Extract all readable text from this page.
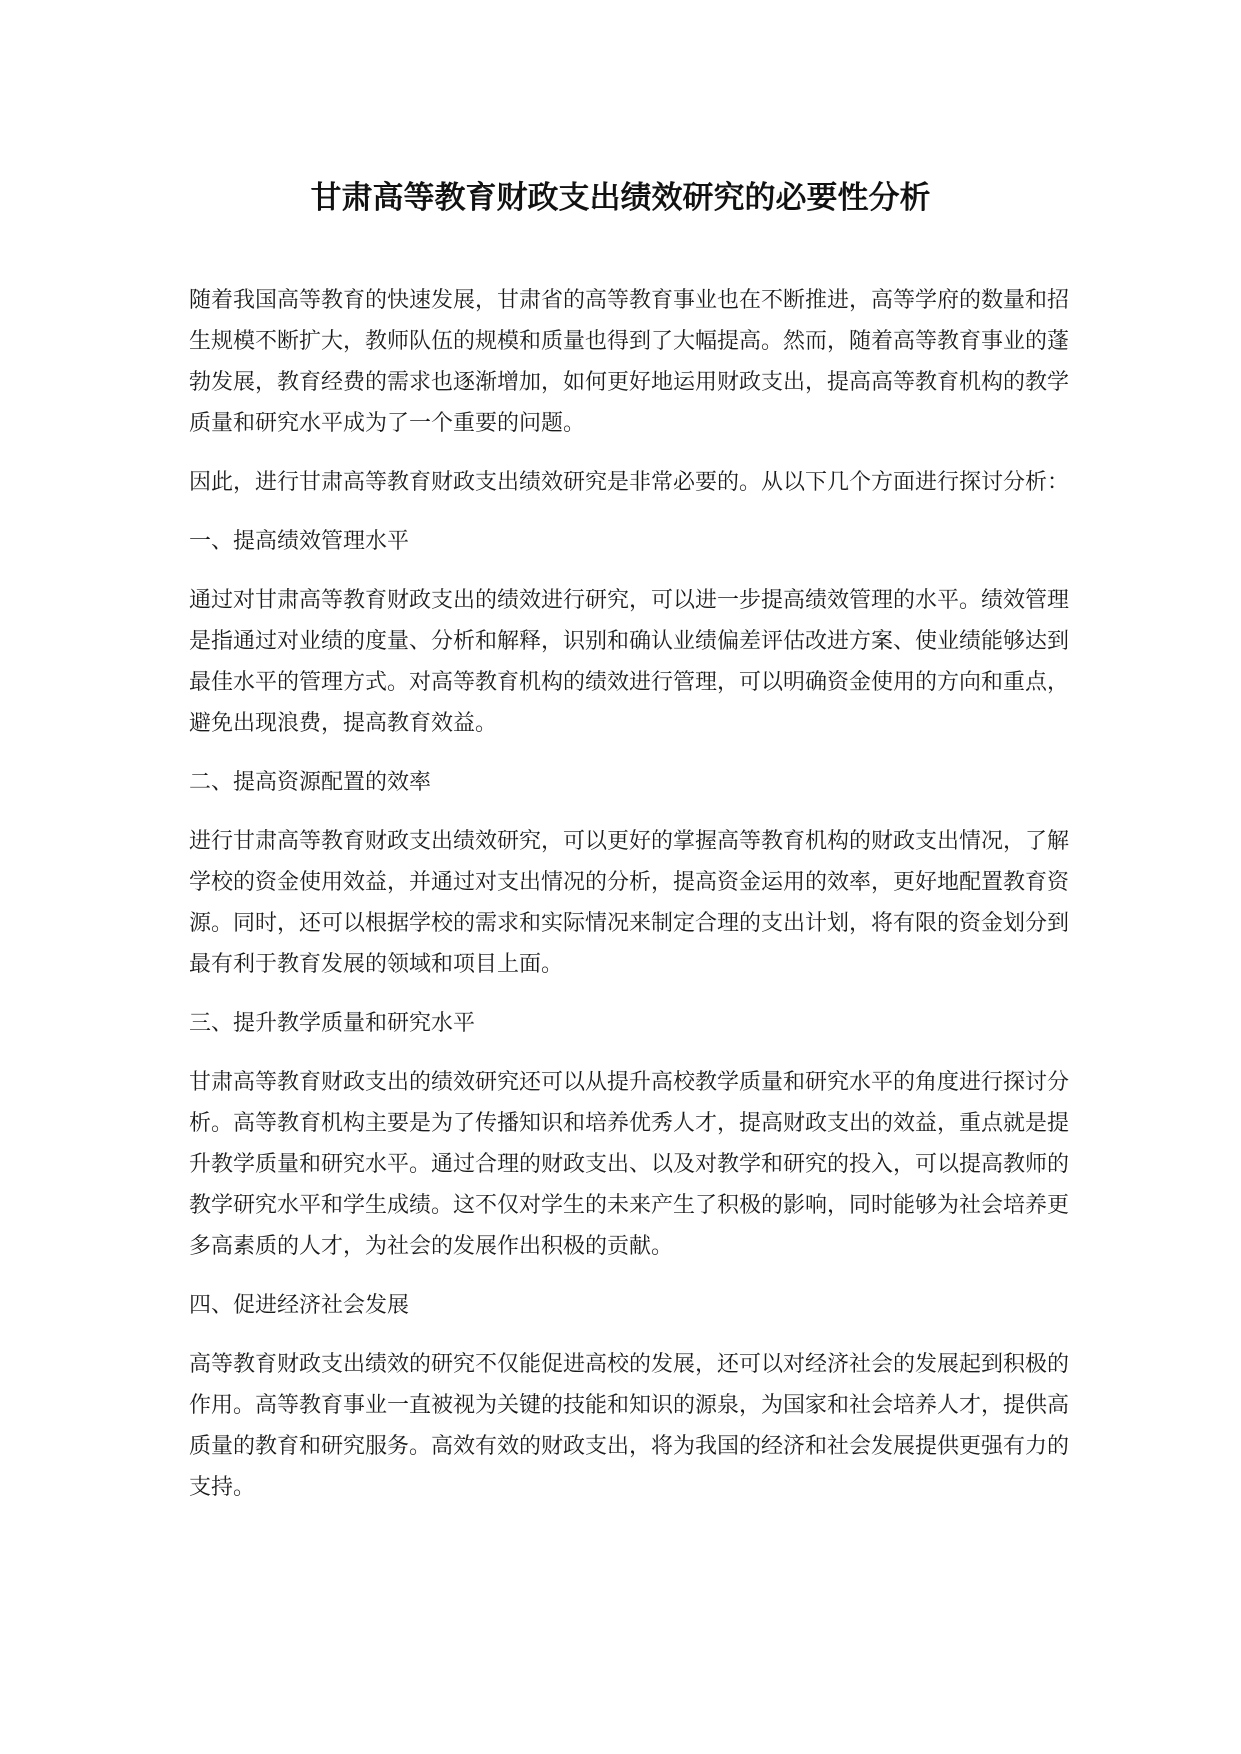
甘肃高等教育财政支出绩效研究的必要性分析

随着我国高等教育的快速发展，甘肃省的高等教育事业也在不断推进，高等学府的数量和招生规模不断扩大，教师队伍的规模和质量也得到了大幅提高。然而，随着高等教育事业的蓬勃发展，教育经费的需求也逐渐增加，如何更好地运用财政支出，提高高等教育机构的教学质量和研究水平成为了一个重要的问题。

因此，进行甘肃高等教育财政支出绩效研究是非常必要的。从以下几个方面进行探讨分析：

一、提高绩效管理水平

通过对甘肃高等教育财政支出的绩效进行研究，可以进一步提高绩效管理的水平。绩效管理是指通过对业绩的度量、分析和解释，识别和确认业绩偏差评估改进方案、使业绩能够达到最佳水平的管理方式。对高等教育机构的绩效进行管理，可以明确资金使用的方向和重点，避免出现浪费，提高教育效益。

二、提高资源配置的效率

进行甘肃高等教育财政支出绩效研究，可以更好的掌握高等教育机构的财政支出情况，了解学校的资金使用效益，并通过对支出情况的分析，提高资金运用的效率，更好地配置教育资源。同时，还可以根据学校的需求和实际情况来制定合理的支出计划，将有限的资金划分到最有利于教育发展的领域和项目上面。

三、提升教学质量和研究水平

甘肃高等教育财政支出的绩效研究还可以从提升高校教学质量和研究水平的角度进行探讨分析。高等教育机构主要是为了传播知识和培养优秀人才，提高财政支出的效益，重点就是提升教学质量和研究水平。通过合理的财政支出、以及对教学和研究的投入，可以提高教师的教学研究水平和学生成绩。这不仅对学生的未来产生了积极的影响，同时能够为社会培养更多高素质的人才，为社会的发展作出积极的贡献。

四、促进经济社会发展

高等教育财政支出绩效的研究不仅能促进高校的发展，还可以对经济社会的发展起到积极的作用。高等教育事业一直被视为关键的技能和知识的源泉，为国家和社会培养人才，提供高质量的教育和研究服务。高效有效的财政支出，将为我国的经济和社会发展提供更强有力的支持。
